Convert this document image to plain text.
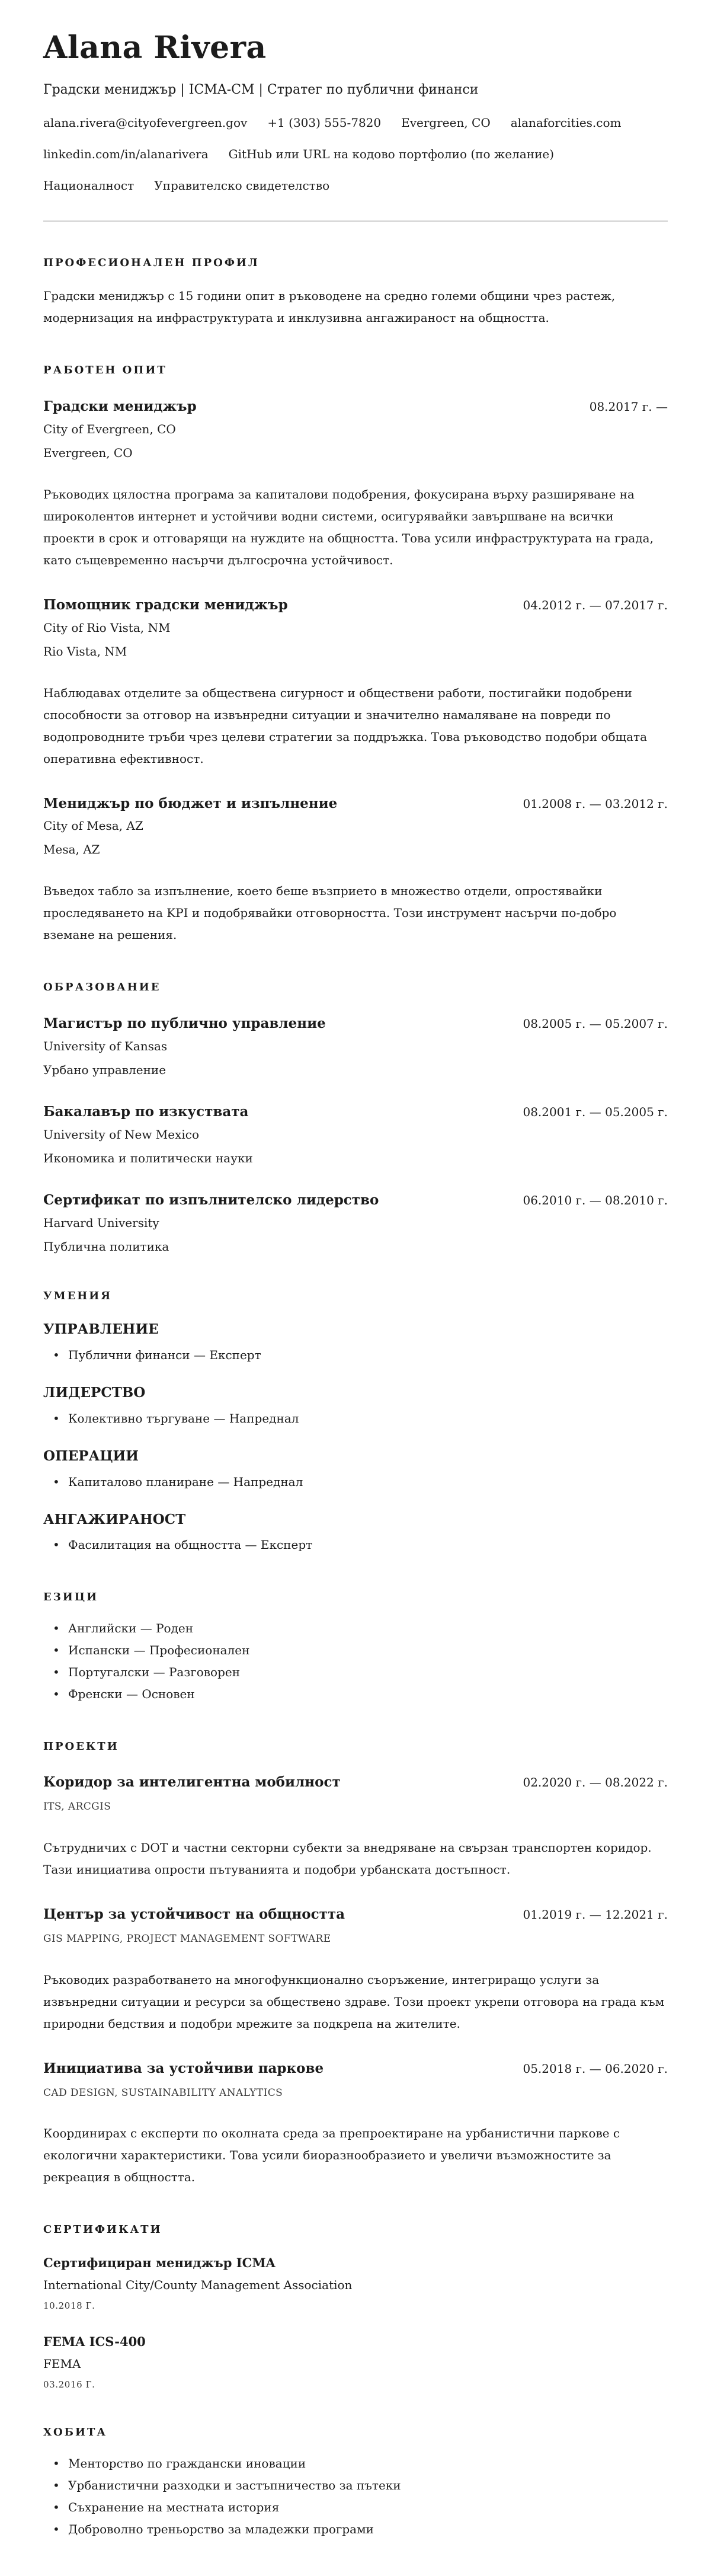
Alana Rivera
Градски мениджър | ICMA-CM | Стратег по публични финанси
alana.rivera@cityofevergreen.gov +1 (303) 555-7820 Evergreen, CO alanaforcities.com
linkedin.com/in/alanarivera GitHub или URL на кодово портфолио (по желание)
Националност Управителско свидетелство
ПРОФЕСИОНАЛЕН ПРОФИЛ

Градски мениджър с 15 години опит в ръководене на средно големи общини чрез растеж, модернизация на инфраструктурата и инклузивна ангажираност на общността.

РАБОТЕН ОПИТ
Градски мениджър	08.2017 г. —
City of Evergreen, CO
Evergreen, CO

Ръководих цялостна програма за капиталови подобрения, фокусирана върху разширяване на широколентов интернет и устойчиви водни системи, осигурявайки завършване на всички проекти в срок и отговарящи на нуждите на общността. Това усили инфраструктурата на града, като същевременно насърчи дългосрочна устойчивост.

Помощник градски мениджър	04.2012 г. — 07.2017 г.
City of Rio Vista, NM
Rio Vista, NM

Наблюдавах отделите за обществена сигурност и обществени работи, постигайки подобрени способности за отговор на извънредни ситуации и значително намаляване на повреди по водопроводните тръби чрез целеви стратегии за поддръжка. Това ръководство подобри общата оперативна ефективност.

Мениджър по бюджет и изпълнение	01.2008 г. — 03.2012 г.
City of Mesa, AZ
Mesa, AZ

Въведох табло за изпълнение, което беше възприето в множество отдели, опростявайки проследяването на KPI и подобрявайки отговорността. Този инструмент насърчи по-добро вземане на решения.

ОБРАЗОВАНИЕ
Магистър по публично управление	08.2005 г. — 05.2007 г.
University of Kansas
Урбано управление
Бакалавър по изкуствата	08.2001 г. — 05.2005 г.
University of New Mexico
Икономика и политически науки
Сертификат по изпълнителско лидерство	06.2010 г. — 08.2010 г.
Harvard University
Публична политика
УМЕНИЯ
УПРАВЛЕНИЕ
• Публични финанси — Експерт
ЛИДЕРСТВО
• Колективно търгуване — Напреднал
ОПЕРАЦИИ
• Капиталово планиране — Напреднал
АНГАЖИРАНОСТ
• Фасилитация на общността — Експерт
ЕЗИЦИ
• Английски — Роден
• Испански — Професионален
• Португалски — Разговорен
• Френски — Основен
ПРОЕКТИ
Коридор за интелигентна мобилност	02.2020 г. — 08.2022 г.
ITS, ARCGIS

Сътрудничих с DOT и частни секторни субекти за внедряване на свързан транспортен коридор. Тази инициатива опрости пътуванията и подобри урбанската достъпност.

Център за устойчивост на общността	01.2019 г. — 12.2021 г.
GIS MAPPING, PROJECT MANAGEMENT SOFTWARE

Ръководих разработването на многофункционално съоръжение, интегриращо услуги за извънредни ситуации и ресурси за обществено здраве. Този проект укрепи отговора на града към природни бедствия и подобри мрежите за подкрепа на жителите.

Инициатива за устойчиви паркове	05.2018 г. — 06.2020 г.
CAD DESIGN, SUSTAINABILITY ANALYTICS

Координирах с експерти по околната среда за препроектиране на урбанистични паркове с екологични характеристики. Това усили биоразнообразието и увеличи възможностите за рекреация в общността.

СЕРТИФИКАТИ
Сертифициран мениджър ICMA
International City/County Management Association
10.2018 Г.
FEMA ICS-400
FEMA
03.2016 Г.
ХОБИТА
• Менторство по граждански иновации
• Урбанистични разходки и застъпничество за пътеки
• Съхранение на местната история
• Доброволно треньорство за младежки програми
